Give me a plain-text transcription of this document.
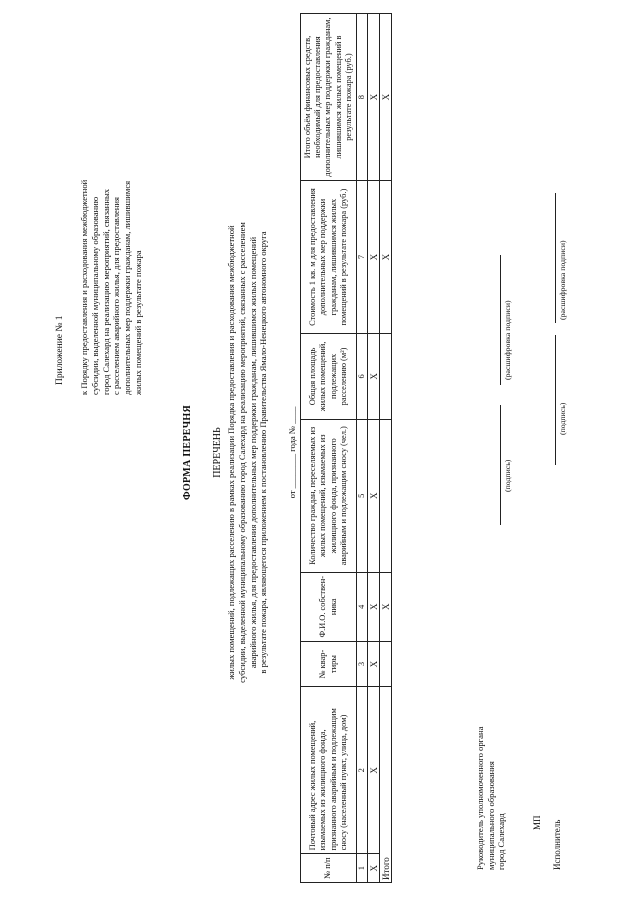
Приложение № 1 к Порядку предоставления и расходования межбюджетной субсидии, выделенной муниципальному образованию город Салехард на реализацию мероприятий, связанных с расселением аварийного жилья, для предоставления дополнительных мер поддержки гражданам, лишившимся жилых помещений в результате пожара
ФОРМА ПЕРЕЧНЯ ПЕРЕЧЕНЬ жилых помещений, подлежащих расселению в рамках реализации Порядка предоставления и расходования межбюджетной субсидии, выделенной муниципальному образованию город Салехард на реализацию мероприятий, связанных с расселением аварийного жилья, для предоставления дополнительных мер поддержки гражданам, лишившимся жилых помещений в результате пожара, являющегося приложением к постановлению Правительства Ямало-Ненецкого автономного округа от ________ года № ____
№ п/п	Почтовый адрес жилых помещений, изымаемых из жилищного фонда, признанного аварийным и подлежащим сносу (населенный пункт, улица, дом)	№ квар-тиры	Ф.И.О. собствен-ника	Количество граждан, переселяемых из жилых помещений, изымаемых из жилищного фонда, признанного аварийным и подлежащим сносу (чел.)	Общая площадь жилых помещений, подлежащих расселению (м²)	Стоимость 1 кв. м для предоставления дополнительных мер поддержки гражданам, лишившимся жилых помещений в результате пожара (руб.)	Итого объём финансовых средств, необходимый для предоставления дополнительных мер поддержки гражданам, лишившимся жилых помещений в результате пожара (руб.)
1	2	3	4	5	6	7	8
X	X	X	X	X	X	X	X
Итого			X			X	X
Руководитель уполномоченного органа муниципального образования город Салехард
(подпись)
(расшифровка подписи)
МП Исполнитель
(подпись)
(расшифровка подписи)
